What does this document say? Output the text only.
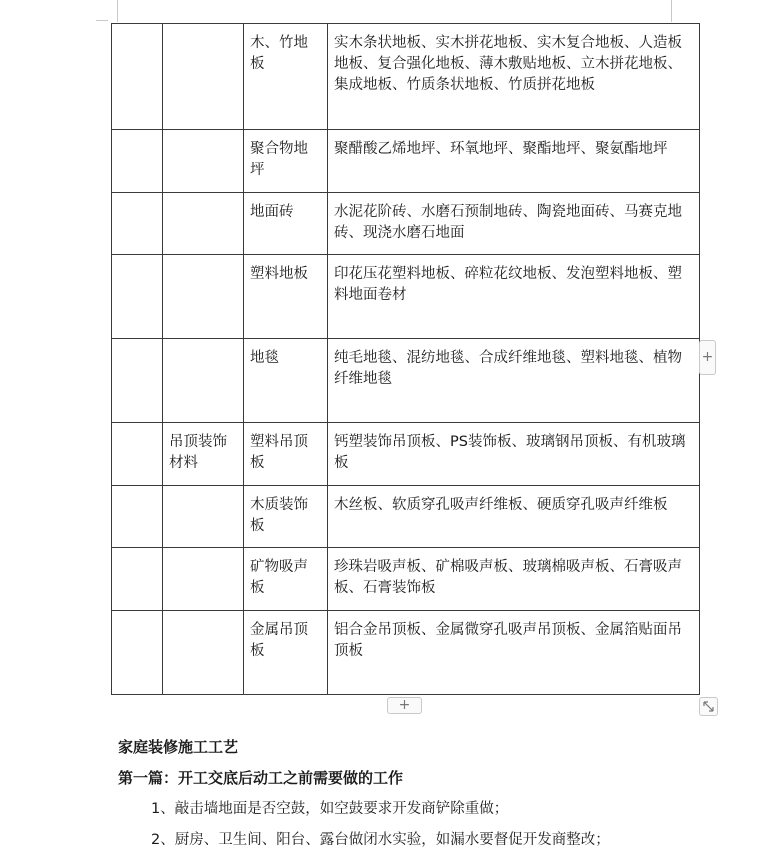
		木、竹地板	实木条状地板、实木拼花地板、实木复合地板、人造板地板、复合强化地板、薄木敷贴地板、立木拼花地板、集成地板、竹质条状地板、竹质拼花地板
		聚合物地坪	聚醋酸乙烯地坪、环氧地坪、聚酯地坪、聚氨酯地坪
		地面砖	水泥花阶砖、水磨石预制地砖、陶瓷地面砖、马赛克地砖、现浇水磨石地面
		塑料地板	印花压花塑料地板、碎粒花纹地板、发泡塑料地板、塑料地面卷材
		地毯	纯毛地毯、混纺地毯、合成纤维地毯、塑料地毯、植物纤维地毯
	吊顶装饰材料	塑料吊顶板	钙塑装饰吊顶板、PS装饰板、玻璃钢吊顶板、有机玻璃板
		木质装饰板	木丝板、软质穿孔吸声纤维板、硬质穿孔吸声纤维板
		矿物吸声板	珍珠岩吸声板、矿棉吸声板、玻璃棉吸声板、石膏吸声板、石膏装饰板
		金属吊顶板	铝合金吊顶板、金属微穿孔吸声吊顶板、金属箔贴面吊顶板
+
+
家庭装修施工工艺
第一篇：开工交底后动工之前需要做的工作
1、敲击墙地面是否空鼓，如空鼓要求开发商铲除重做；
2、厨房、卫生间、阳台、露台做闭水实验，如漏水要督促开发商整改；
